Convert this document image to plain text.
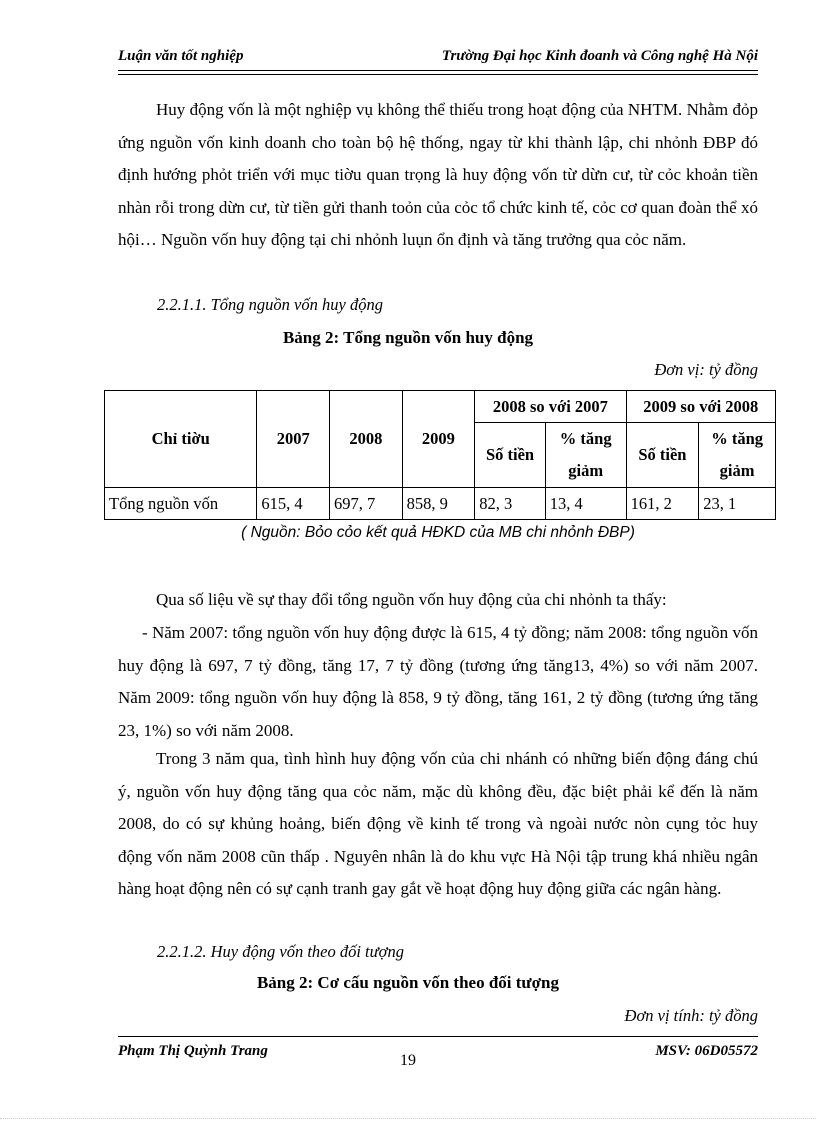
Luận văn tốt nghiệp	Trường Đại học Kinh đoanh và Công nghệ Hà Nội

Huy động vốn là một nghiệp vụ không thể thiếu trong hoạt động của NHTM. Nhằm đỏp ứng nguồn vốn kinh doanh cho toàn bộ hệ thống, ngay từ khi thành lập, chi nhỏnh ĐBP đó định hướng phỏt triển với mục tiờu quan trọng là huy động vốn từ dừn cư, từ cỏc khoản tiền nhàn rỗi trong dừn cư, từ tiền gửi thanh toỏn của cỏc tổ chức kinh tế, cỏc cơ quan đoàn thể xó hội… Nguồn vốn huy động tại chi nhỏnh luụn ổn định và tăng trưởng qua cỏc năm.

2.2.1.1. Tổng nguồn vốn huy động
Bảng 2: Tổng nguồn vốn huy động
Đơn vị: tỷ đồng
Chỉ tiờu	2007	2008	2009	2008 so với 2007		2009 so với 2008	
				Số tiền	% tăng giảm	Số tiền	% tăng giảm
Tổng nguồn vốn	615, 4	697, 7	858, 9	82, 3	13, 4	161, 2	23, 1
( Nguồn: Bỏo cỏo kết quả HĐKD của MB chi nhỏnh ĐBP)

Qua số liệu về sự thay đổi tổng nguồn vốn huy động của chi nhỏnh ta thấy:

- Năm 2007: tổng nguồn vốn huy động được là 615, 4 tỷ đồng; năm 2008: tổng nguồn vốn huy động là 697, 7 tỷ đồng, tăng 17, 7 tỷ đồng (tương ứng tăng13, 4%) so với năm 2007. Năm 2009: tổng nguồn vốn huy động là 858, 9 tỷ đồng, tăng 161, 2 tỷ đồng (tương ứng tăng 23, 1%) so với năm 2008.

Trong 3 năm qua, tình hình huy động vốn của chi nhánh có những biến động đáng chú ý, nguồn vốn huy động tăng qua cỏc năm, mặc dù không đều, đặc biệt phải kể đến là năm 2008, do có sự khủng hoảng, biến động về kinh tế trong và ngoài nước nòn cụng tỏc huy động vốn năm 2008 cũn thấp . Nguyên nhân là do khu vực Hà Nội tập trung khá nhiều ngân hàng hoạt động nên có sự cạnh tranh gay gắt về hoạt động huy động giữa các ngân hàng.

2.2.1.2. Huy động vốn theo đối tượng
Bảng 2: Cơ cấu nguồn vốn theo đối tượng
Đơn vị tính: tỷ đồng
Phạm Thị Quỳnh Trang	MSV: 06D05572
19
